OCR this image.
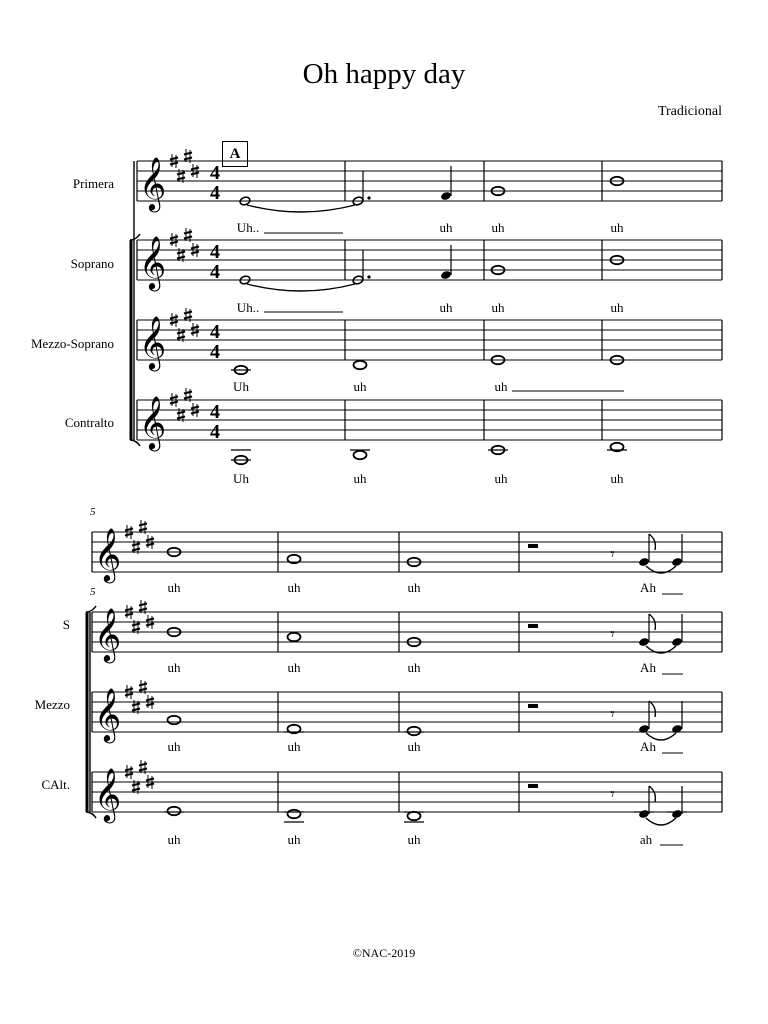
Oh happy day
Tradicional
A
Primera
Soprano
Mezzo-Soprano
Contralto
S
Mezzo
CAlt.
5
5
Uh..	uh	uh	uh
Uh..	uh	uh	uh
Uh	uh	uh
Uh	uh	uh	uh
uh	uh	uh	Ah
uh	uh	uh	Ah
uh	uh	uh	Ah
uh	uh	uh	ah
©NAC-2019
𝄞 4
4
𝄞 4
4
𝄞 4
4
𝄞 4
4
𝄞
𝄞
𝄞
𝄞
𝄾
𝄾
𝄾
𝄾
